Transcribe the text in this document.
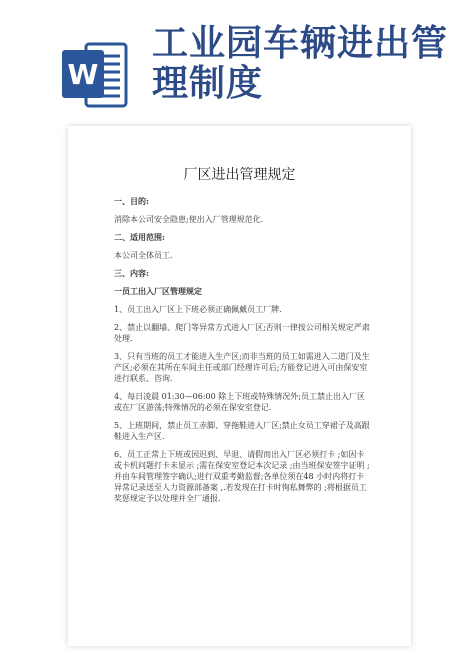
W
工业园车辆进出管
理制度
厂区进出管理规定

一、目的:

消除本公司安全隐患;使出入厂管理规范化.

二、适用范围:

本公司全体员工.

三、内容:

一员工出入厂区管理规定

1、员工出入厂区上下班必须正确佩戴员工厂牌.

2、禁止以翻墙、爬门等异常方式进入厂区;否则一律按公司相关规定严肃处理.

3、只有当班的员工才能进入生产区;而非当班的员工如需进入二道门及生产区;必须在其所在车间主任或部门经理许可后;方能登记进入可由保安室进行联系、咨询.

4、每日凌晨 01:30—06:00 除上下班或特殊情况外;员工禁止出入厂区或在厂区游荡;特殊情况的必须在保安室登记.

5、上班期间，禁止员工赤脚、穿拖鞋进入厂区;禁止女员工穿裙子及高跟鞋进入生产区.

6、员工正常上下班或因迟到、早退、请假而出入厂区必须打卡 ;如因卡或卡机问题打卡未显示 ;需在保安室登记本次记录 ;由当班保安签字证明 ;并由车间管理签字确认;进行双重考勤监督;各单位须在48 小时内将打卡异常记录送至人力资源部备案 ,.若发现在打卡时徇私舞弊的 ;将根据员工奖惩规定予以处理并全厂通报.
